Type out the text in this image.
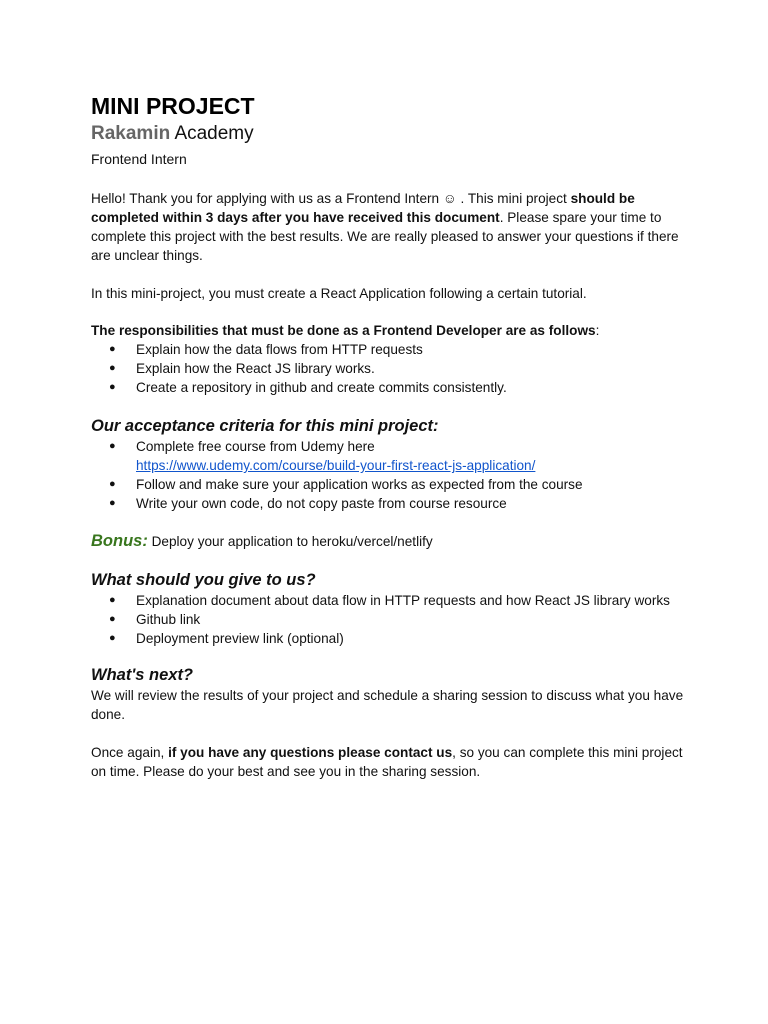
MINI PROJECT
Rakamin Academy
Frontend Intern

Hello! Thank you for applying with us as a Frontend Intern ☺ . This mini project should be completed within 3 days after you have received this document. Please spare your time to complete this project with the best results. We are really pleased to answer your questions if there are unclear things.

In this mini-project, you must create a React Application following a certain tutorial.

The responsibilities that must be done as a Frontend Developer are as follows:

● Explain how the data flows from HTTP requests
● Explain how the React JS library works.
● Create a repository in github and create commits consistently.
Our acceptance criteria for this mini project:
● Complete free course from Udemy here
https://www.udemy.com/course/build-your-first-react-js-application/
● Follow and make sure your application works as expected from the course
● Write your own code, do not copy paste from course resource
Bonus: Deploy your application to heroku/vercel/netlify
What should you give to us?
● Explanation document about data flow in HTTP requests and how React JS library works
● Github link
● Deployment preview link (optional)
What's next?

We will review the results of your project and schedule a sharing session to discuss what you have done.

Once again, if you have any questions please contact us, so you can complete this mini project on time. Please do your best and see you in the sharing session.
